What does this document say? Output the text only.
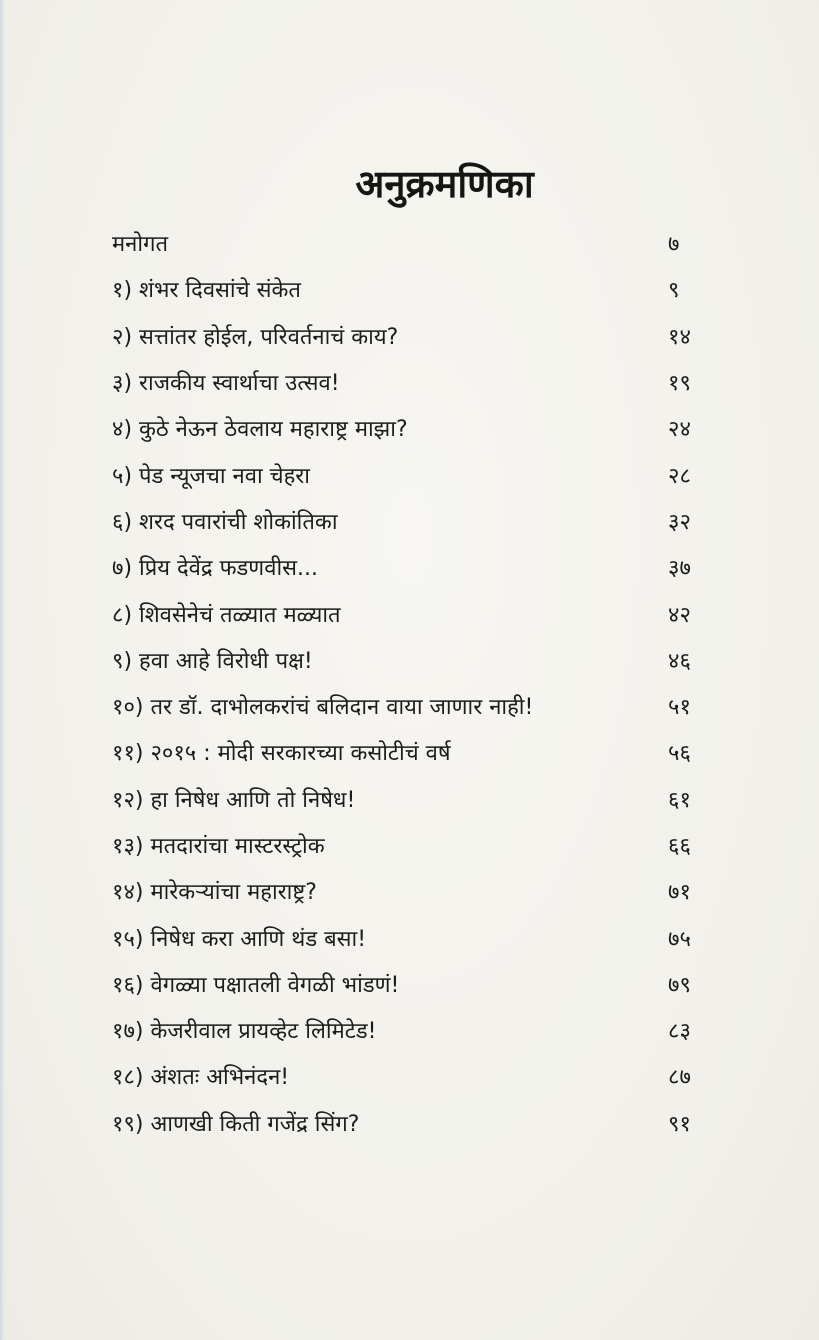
अनुक्रमणिका
मनोगत	७
१) शंभर दिवसांचे संकेत	९
२) सत्तांतर होईल, परिवर्तनाचं काय?	१४
३) राजकीय स्वार्थाचा उत्सव!	१९
४) कुठे नेऊन ठेवलाय महाराष्ट्र माझा?	२४
५) पेड न्यूजचा नवा चेहरा	२८
६) शरद पवारांची शोकांतिका	३२
७) प्रिय देवेंद्र फडणवीस...	३७
८) शिवसेनेचं तळ्यात मळ्यात	४२
९) हवा आहे विरोधी पक्ष!	४६
१०) तर डॉ. दाभोलकरांचं बलिदान वाया जाणार नाही!	५१
११) २०१५ : मोदी सरकारच्या कसोटीचं वर्ष	५६
१२) हा निषेध आणि तो निषेध!	६१
१३) मतदारांचा मास्टरस्ट्रोक	६६
१४) मारेकऱ्यांचा महाराष्ट्र?	७१
१५) निषेध करा आणि थंड बसा!	७५
१६) वेगळ्या पक्षातली वेगळी भांडणं!	७९
१७) केजरीवाल प्रायव्हेट लिमिटेड!	८३
१८) अंशतः अभिनंदन!	८७
१९) आणखी किती गजेंद्र सिंग?	९१
